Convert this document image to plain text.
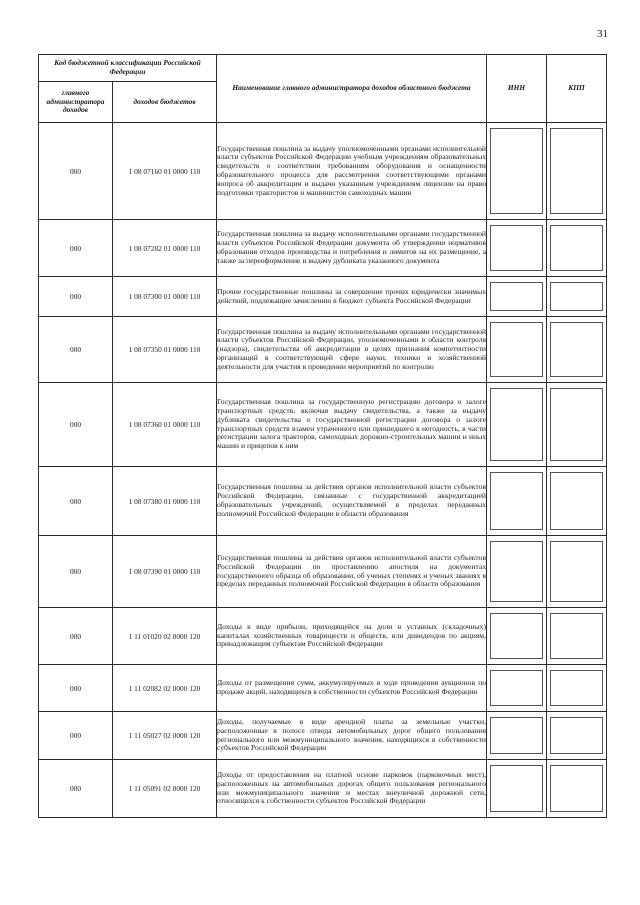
31
Код бюджетной классификации Российской Федерации		Наименование главного администратора доходов областного бюджета	ИНН	КПП
главного администратора доходов	доходов бюджетов			
000	1 08 07160 01 0000 110	Государственная пошлина за выдачу уполномоченными органами исполнительной власти субъектов Российской Федерации учебным учреждениям образовательных свидетельств о соответствии требованиям оборудования и оснащенности образовательного процесса для рассмотрения соответствующими органами вопроса об аккредитации и выдачи указанным учреждениям лицензии на право подготовки трактористов и машинистов самоходных машин		

000	1 08 07282 01 0000 110	Государственная пошлина за выдачу исполнительными органами государственной власти субъектов Российской Федерации документа об утверждении нормативов образования отходов производства и потребления и лимитов на их размещение, а также за переоформление и выдачу дубликата указанного документа		

000	1 08 07300 01 0000 110	Прочие государственные пошлины за совершение прочих юридически значимых действий, подлежащие зачислению в бюджет субъекта Российской Федерации		

000	1 08 07350 01 0000 110	Государственная пошлина за выдачу исполнительными органами государственной власти субъектов Российской Федерации, уполномоченными в области контроля (надзора), свидетельства об аккредитации в целях признания компетентности организаций в соответствующей сфере науки, техники и хозяйственной деятельности для участия в проведении мероприятий по контролю		

000	1 08 07360 01 0000 110	Государственная пошлина за государственную регистрацию договора о залоге транспортных средств, включая выдачу свидетельства, а также за выдачу дубликата свидетельства о государственной регистрации договора о залоге транспортных средств взамен утраченного или пришедшего в негодность, в части регистрации залога тракторов, самоходных дорожно-строительных машин и иных машин и прицепов к ним		

000	1 08 07380 01 0000 110	Государственная пошлина за действия органов исполнительной власти субъектов Российской Федерации, связанные с государственной аккредитацией образовательных учреждений, осуществляемой в пределах переданных полномочий Российской Федерации в области образования		

000	1 08 07390 01 0000 110	Государственная пошлина за действия органов исполнительной власти субъектов Российской Федерации по проставлению апостиля на документах государственного образца об образовании, об ученых степенях и ученых званиях в пределах переданных полномочий Российской Федерации в области образования		

000	1 11 01020 02 0000 120	Доходы в виде прибыли, приходящейся на доли в уставных (складочных) капиталах хозяйственных товариществ и обществ, или дивидендов по акциям, принадлежащим субъектам Российской Федерации		

000	1 11 02082 02 0000 120	Доходы от размещения сумм, аккумулируемых в ходе проведения аукционов по продаже акций, находящихся в собственности субъектов Российской Федерации		

000	1 11 05027 02 0000 120	Доходы, получаемые в виде арендной платы за земельные участки, расположенные в полосе отвода автомобильных дорог общего пользования регионального или межмуниципального значения, находящихся в собственности субъектов Российской Федерации		

000	1 11 05091 02 0000 120	Доходы от предоставления на платной основе парковок (парковочных мест), расположенных на автомобильных дорогах общего пользования регионального или межмуниципального значения и местах внеуличной дорожной сети, относящихся к собственности субъектов Российской Федерации		
